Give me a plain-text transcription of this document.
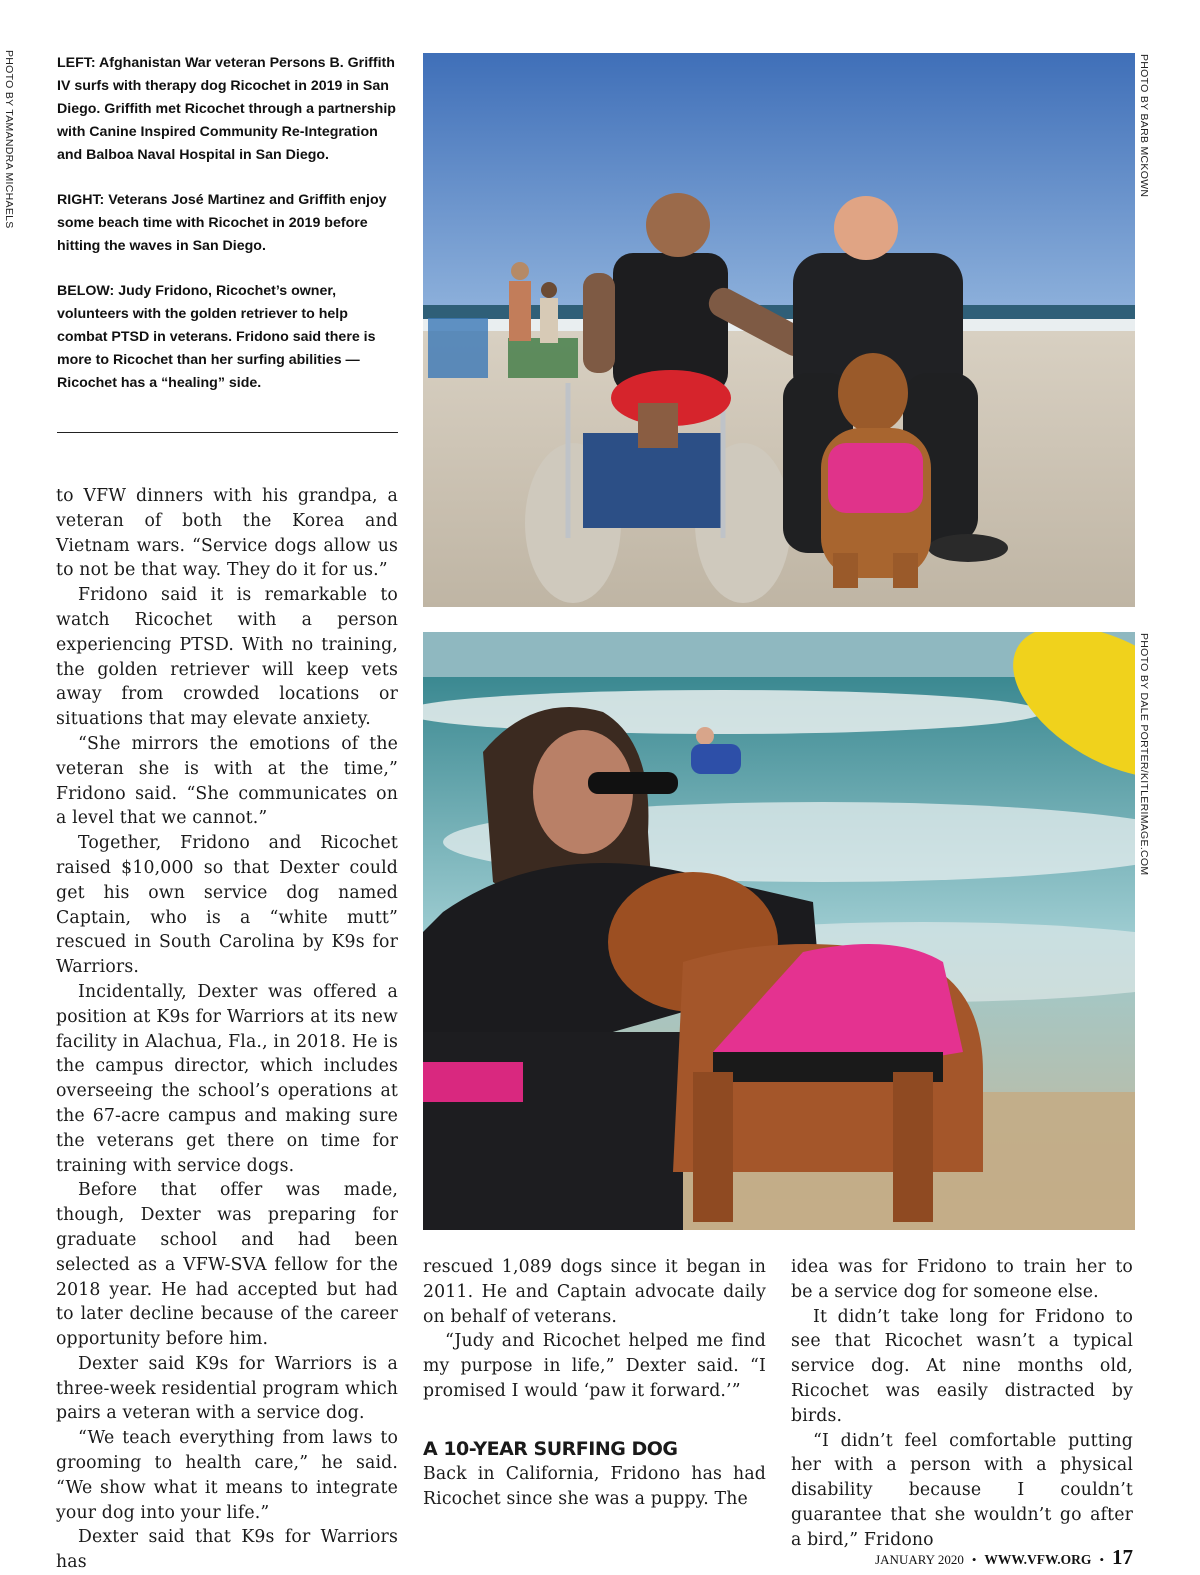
PHOTO BY TAMANDRA MICHAELS	PHOTO BY BARB MCKOWN
PHOTO BY DALE PORTER/KITLERIMAGE.COM

LEFT: Afghanistan War veteran Persons B. Griffith IV surfs with therapy dog Ricochet in 2019 in San Diego. Griffith met Ricochet through a partnership with Canine Inspired Community Re-Integration and Balboa Naval Hospital in San Diego.

RIGHT: Veterans José Martinez and Griffith enjoy some beach time with Ricochet in 2019 before hitting the waves in San Diego.

BELOW: Judy Fridono, Ricochet’s owner, volunteers with the golden retriever to help combat PTSD in veterans. Fridono said there is more to Ricochet than her surfing abilities — Ricochet has a “healing” side.

to VFW dinners with his grandpa, a veteran of both the Korea and Vietnam wars. “Service dogs allow us to not be that way. They do it for us.”

Fridono said it is remarkable to watch Ricochet with a person experiencing PTSD. With no training, the golden retriever will keep vets away from crowded locations or situations that may elevate anxiety.

“She mirrors the emotions of the veteran she is with at the time,” Fridono said. “She communicates on a level that we cannot.”

Together, Fridono and Ricochet raised $10,000 so that Dexter could get his own service dog named Captain, who is a “white mutt” rescued in South Carolina by K9s for Warriors.

Incidentally, Dexter was offered a position at K9s for Warriors at its new facility in Alachua, Fla., in 2018. He is the campus director, which includes overseeing the school’s operations at the 67-acre campus and making sure the veterans get there on time for training with service dogs.

Before that offer was made, though, Dexter was preparing for graduate school and had been selected as a VFW-SVA fellow for the 2018 year. He had accepted but had to later decline because of the career opportunity before him.

Dexter said K9s for Warriors is a three-week residential program which pairs a veteran with a service dog.

“We teach everything from laws to grooming to health care,” he said. “We show what it means to integrate your dog into your life.”

Dexter said that K9s for Warriors has

rescued 1,089 dogs since it began in 2011. He and Captain advocate daily on behalf of veterans.

“Judy and Ricochet helped me find my purpose in life,” Dexter said. “I promised I would ‘paw it forward.’”

A 10-YEAR SURFING DOG

Back in California, Fridono has had Ricochet since she was a puppy. The

idea was for Fridono to train her to be a service dog for someone else.

It didn’t take long for Fridono to see that Ricochet wasn’t a typical service dog. At nine months old, Ricochet was easily distracted by birds.

“I didn’t feel comfortable putting her with a person with a physical disability because I couldn’t guarantee that she wouldn’t go after a bird,” Fridono

JANUARY 2020 • WWW.VFW.ORG • 17
